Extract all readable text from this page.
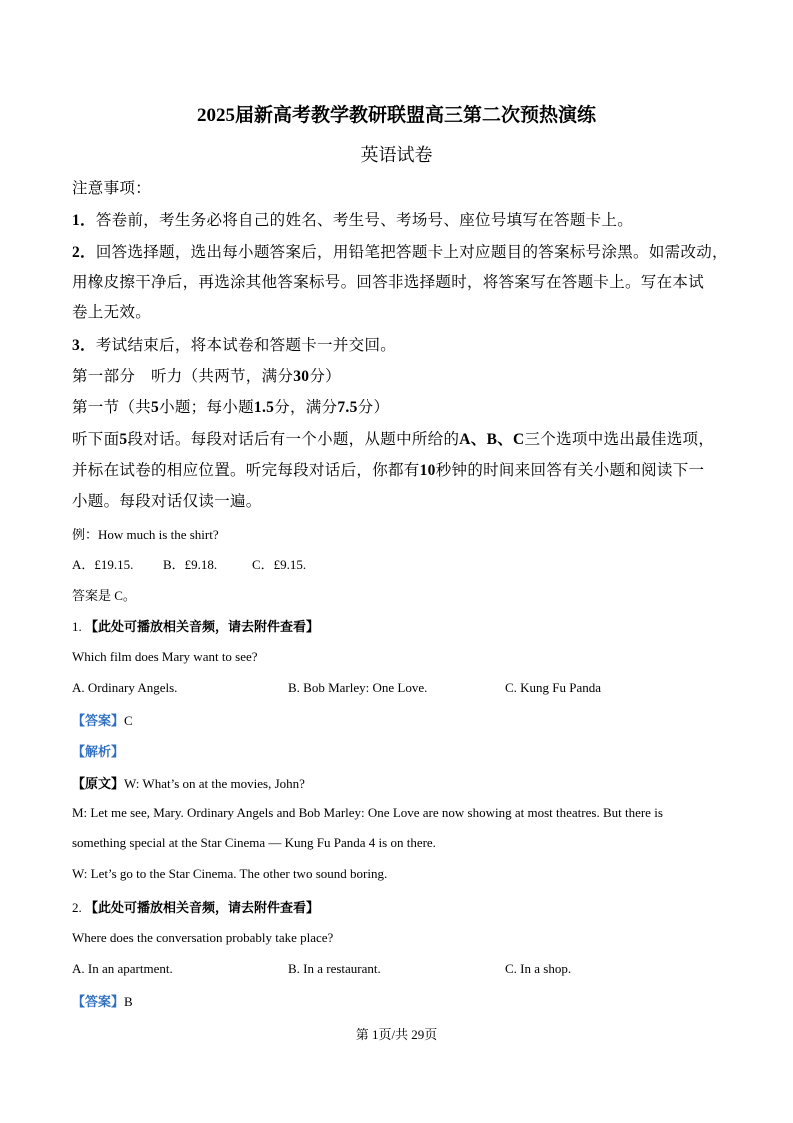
2025届新高考教学教研联盟高三第二次预热演练
英语试卷
注意事项：
1．答卷前，考生务必将自己的姓名、考生号、考场号、座位号填写在答题卡上。
2．回答选择题，选出每小题答案后，用铅笔把答题卡上对应题目的答案标号涂黑。如需改动，
用橡皮擦干净后，再选涂其他答案标号。回答非选择题时，将答案写在答题卡上。写在本试
卷上无效。
3．考试结束后，将本试卷和答题卡一并交回。
第一部分　听力（共两节，满分30分）
第一节（共5小题；每小题1.5分，满分7.5分）
听下面5段对话。每段对话后有一个小题，从题中所给的A、B、C三个选项中选出最佳选项，
并标在试卷的相应位置。听完每段对话后，你都有10秒钟的时间来回答有关小题和阅读下一
小题。每段对话仅读一遍。
例：How much is the shirt?
A．£19.15. B．£9.18.	C．£9.15.
答案是 C。
1. 【此处可播放相关音频，请去附件查看】
Which film does Mary want to see?
A. Ordinary Angels.	B. Bob Marley: One Love.	C. Kung Fu Panda
【答案】C
【解析】
【原文】W: What’s on at the movies, John?
M: Let me see, Mary. Ordinary Angels and Bob Marley: One Love are now showing at most theatres. But there is
something special at the Star Cinema — Kung Fu Panda 4 is on there.
W: Let’s go to the Star Cinema. The other two sound boring.
2. 【此处可播放相关音频，请去附件查看】
Where does the conversation probably take place?
A. In an apartment.	B. In a restaurant.	C. In a shop.
【答案】B
第 1页/共 29页
